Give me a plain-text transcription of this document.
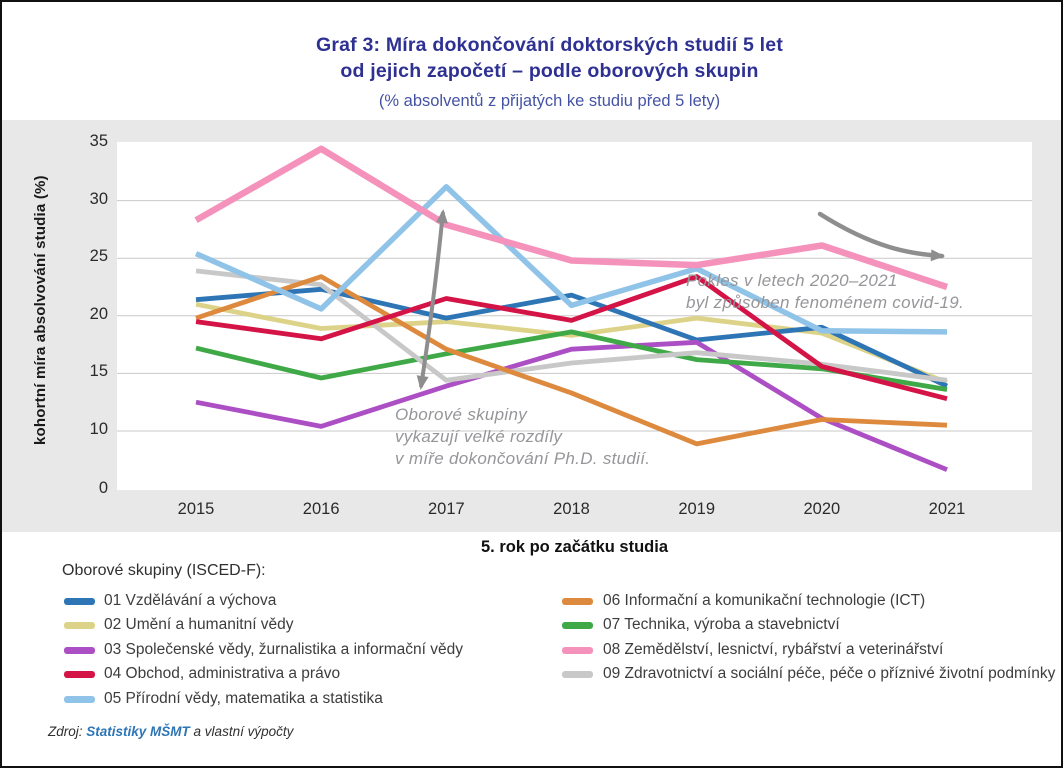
Graf 3: Míra dokončování doktorských studií 5 let
od jejich započetí – podle oborových skupin
(% absolventů z přijatých ke studiu před 5 lety)
kohortní míra absolvování studia (%)
35
30
25
20
15
10
0
2015	2016	2017	2018	2019	2020	2021
Pokles v letech 2020–2021
byl způsoben fenoménem covid-19.
Oborové skupiny
vykazují velké rozdíly
v míře dokončování Ph.D. studií.
5. rok po začátku studia
Oborové skupiny (ISCED-F):
01 Vzdělávání a výchova
02 Umění a humanitní vědy
03 Společenské vědy, žurnalistika a informační vědy
04 Obchod, administrativa a právo
05 Přírodní vědy, matematika a statistika
06 Informační a komunikační technologie (ICT)
07 Technika, výroba a stavebnictví
08 Zemědělství, lesnictví, rybářství a veterinářství
09 Zdravotnictví a sociální péče, péče o příznivé životní podmínky
Zdroj: Statistiky MŠMT a vlastní výpočty
